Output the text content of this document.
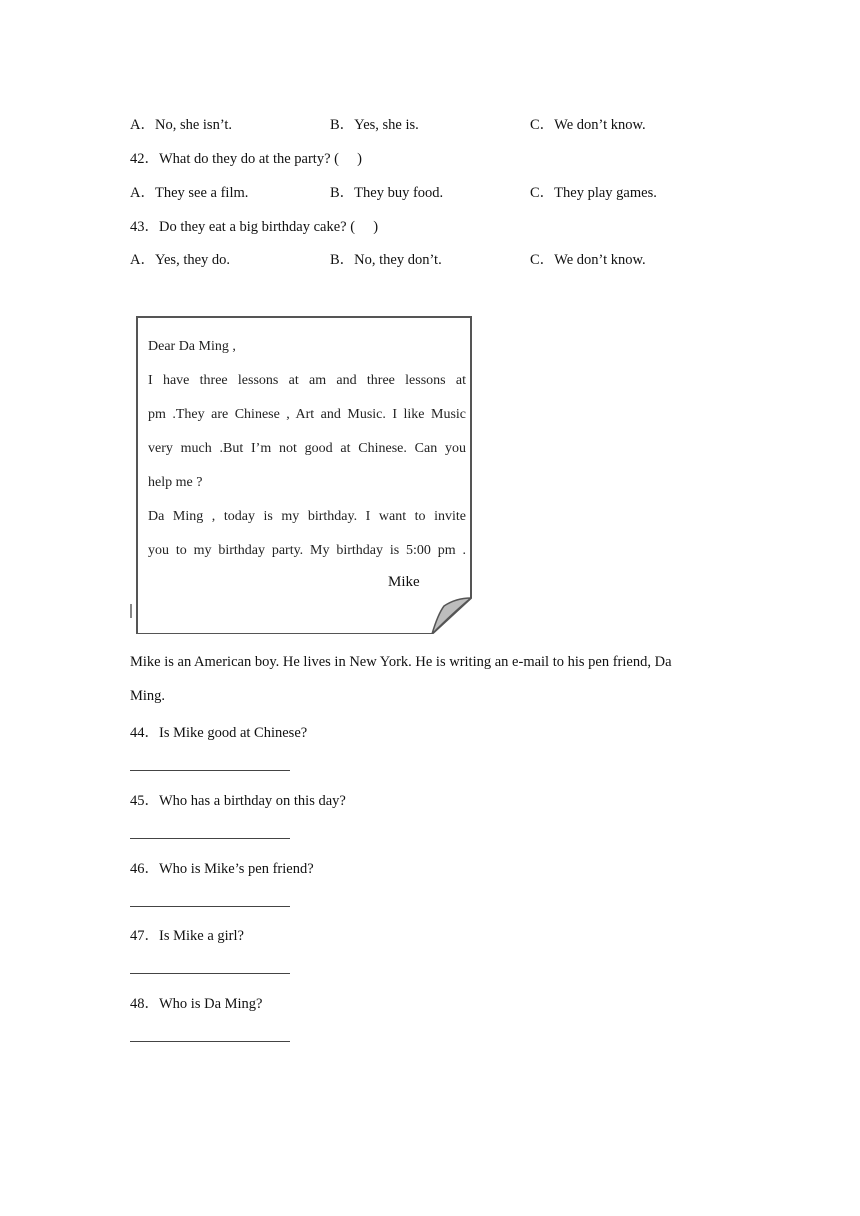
A．No, she isn’t.	B．Yes, she is.	C．We don’t know.
42．What do they do at the party? (　 )
A．They see a film.	B．They buy food.	C．They play games.
43．Do they eat a big birthday cake? (　 )
A．Yes, they do.	B．No, they don’t.	C．We don’t know.
Dear Da Ming ,
I have three lessons at am and three lessons at
pm .They are Chinese , Art and Music. I like Music
very much .But I’m not good at Chinese. Can you
help me ?
Da Ming , today is my birthday. I want to invite
you to my birthday party. My birthday is 5:00 pm .
Mike
Mike is an American boy. He lives in New York. He is writing an e-mail to his pen friend, Da
Ming.
44．Is Mike good at Chinese?
45．Who has a birthday on this day?
46．Who is Mike’s pen friend?
47．Is Mike a girl?
48．Who is Da Ming?
